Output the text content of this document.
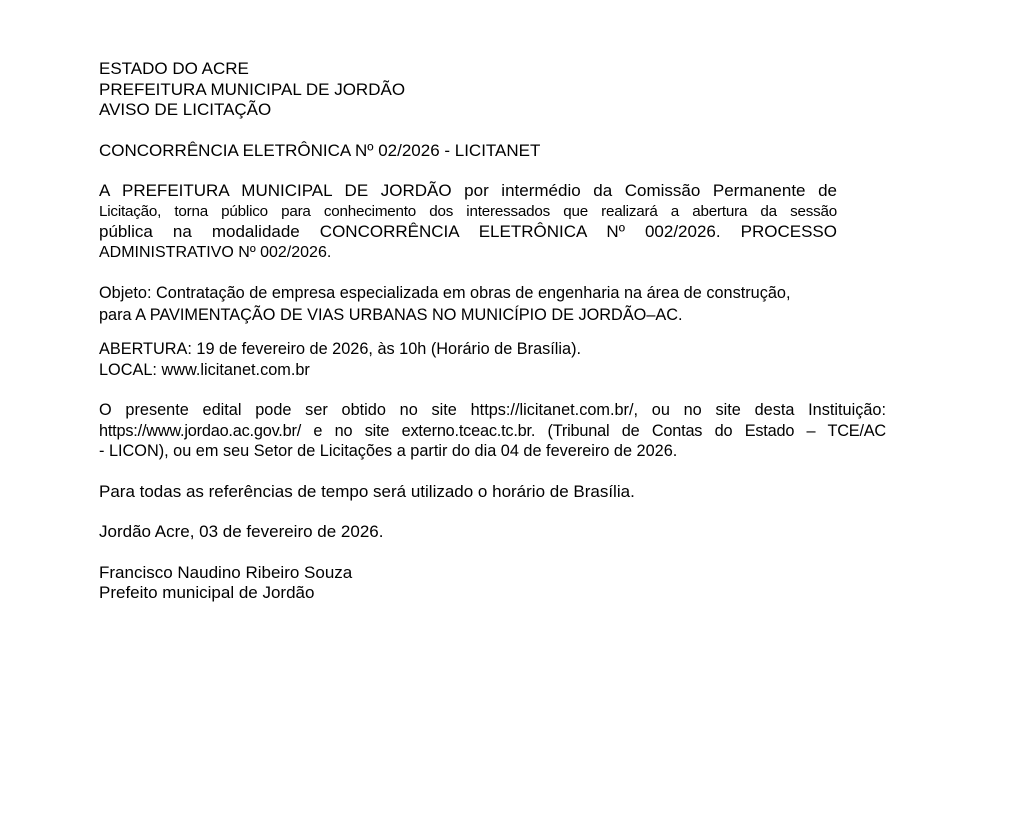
ESTADO DO ACRE
PREFEITURA MUNICIPAL DE JORDÃO
AVISO DE LICITAÇÃO
CONCORRÊNCIA ELETRÔNICA Nº 02/2026 - LICITANET
A PREFEITURA MUNICIPAL DE JORDÃO por intermédio da Comissão Permanente de
Licitação, torna público para conhecimento dos interessados que realizará a abertura da sessão
pública na modalidade CONCORRÊNCIA ELETRÔNICA Nº 002/2026. PROCESSO
ADMINISTRATIVO Nº 002/2026.
Objeto: Contratação de empresa especializada em obras de engenharia na área de construção,
para A PAVIMENTAÇÃO DE VIAS URBANAS NO MUNICÍPIO DE JORDÃO–AC.
ABERTURA: 19 de fevereiro de 2026, às 10h (Horário de Brasília).
LOCAL: www.licitanet.com.br
O presente edital pode ser obtido no site https://licitanet.com.br/, ou no site desta Instituição:
https://www.jordao.ac.gov.br/ e no site externo.tceac.tc.br. (Tribunal de Contas do Estado – TCE/AC
- LICON), ou em seu Setor de Licitações a partir do dia 04 de fevereiro de 2026.
Para todas as referências de tempo será utilizado o horário de Brasília.
Jordão Acre, 03 de fevereiro de 2026.
Francisco Naudino Ribeiro Souza
Prefeito municipal de Jordão
